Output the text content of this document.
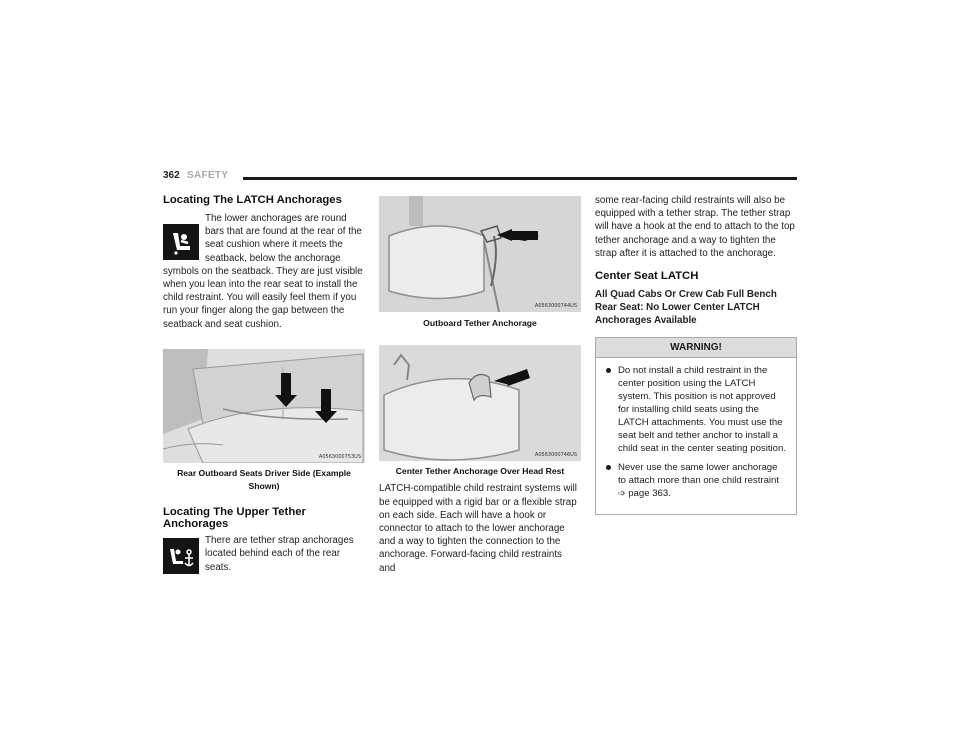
362 SAFETY
Locating The LATCH Anchorages

The lower anchorages are round bars that are found at the rear of the seat cushion where it meets the seatback, below the anchorage symbols on the seatback. They are just visible when you lean into the rear seat to install the child restraint. You will easily feel them if you run your finger along the gap between the seatback and seat cushion.

A0563000753US

Rear Outboard Seats Driver Side (Example Shown)

Locating The Upper Tether Anchorages

There are tether strap anchorages located behind each of the rear seats.

A0563000744US

Outboard Tether Anchorage

A0563000746US

Center Tether Anchorage Over Head Rest

LATCH-compatible child restraint systems will be equipped with a rigid bar or a flexible strap on each side. Each will have a hook or connector to attach to the lower anchorage and a way to tighten the connection to the anchorage. Forward-facing child restraints and

some rear-facing child restraints will also be equipped with a tether strap. The tether strap will have a hook at the end to attach to the top tether anchorage and a way to tighten the strap after it is attached to the anchorage.

Center Seat LATCH

All Quad Cabs Or Crew Cab Full Bench Rear Seat: No Lower Center LATCH Anchorages Available

WARNING!
Do not install a child restraint in the center position using the LATCH system. This position is not approved for installing child seats using the LATCH attachments. You must use the seat belt and tether anchor to install a child seat in the center seating position.
Never use the same lower anchorage to attach more than one child restraint
➩ page 363.
